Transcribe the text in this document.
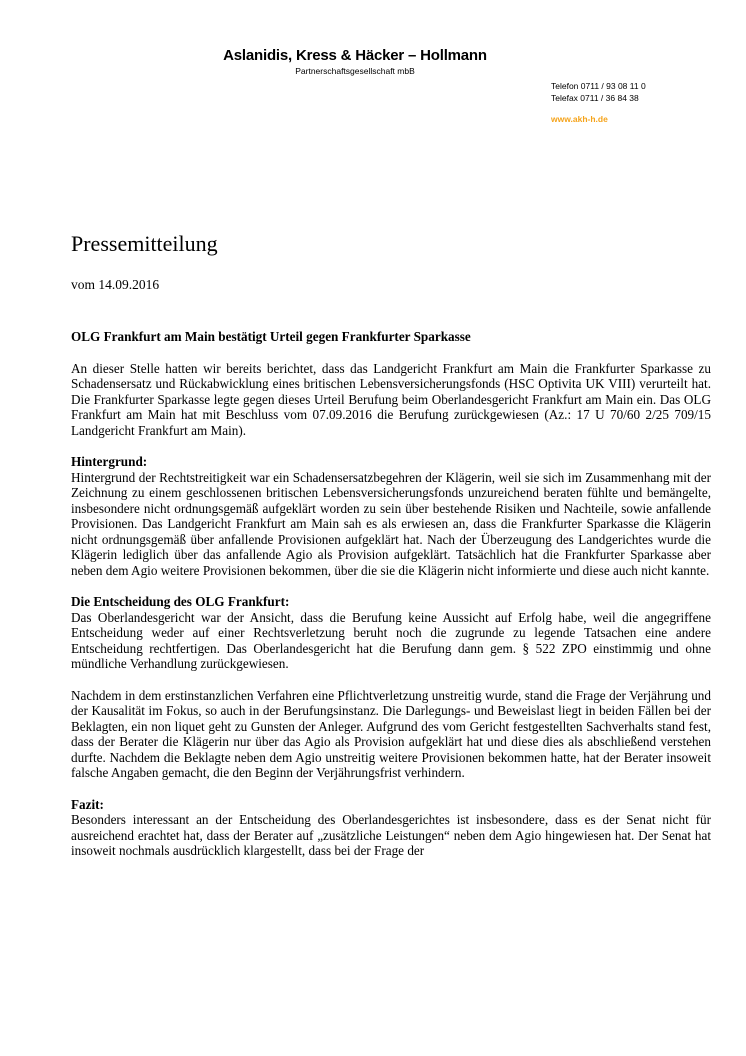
Aslanidis, Kress & Häcker – Hollmann
Partnerschaftsgesellschaft mbB
Telefon 0711 / 93 08 11 0
Telefax 0711 / 36 84 38
www.akh-h.de
Pressemitteilung
vom 14.09.2016

OLG Frankfurt am Main bestätigt Urteil gegen Frankfurter Sparkasse

An dieser Stelle hatten wir bereits berichtet, dass das Landgericht Frankfurt am Main die Frankfurter Sparkasse zu Schadensersatz und Rückabwicklung eines britischen Lebensversicherungsfonds (HSC Optivita UK VIII) verurteilt hat. Die Frankfurter Sparkasse legte gegen dieses Urteil Berufung beim Oberlandesgericht Frankfurt am Main ein. Das OLG Frankfurt am Main hat mit Beschluss vom 07.09.2016 die Berufung zurückgewiesen (Az.: 17 U 70/60 2/25 709/15 Landgericht Frankfurt am Main).

Hintergrund:
Hintergrund der Rechtstreitigkeit war ein Schadensersatzbegehren der Klägerin, weil sie sich im Zusammenhang mit der Zeichnung zu einem geschlossenen britischen Lebensversicherungsfonds unzureichend beraten fühlte und bemängelte, insbesondere nicht ordnungsgemäß aufgeklärt worden zu sein über bestehende Risiken und Nachteile, sowie anfallende Provisionen. Das Landgericht Frankfurt am Main sah es als erwiesen an, dass die Frankfurter Sparkasse die Klägerin nicht ordnungsgemäß über anfallende Provisionen aufgeklärt hat. Nach der Überzeugung des Landgerichtes wurde die Klägerin lediglich über das anfallende Agio als Provision aufgeklärt. Tatsächlich hat die Frankfurter Sparkasse aber neben dem Agio weitere Provisionen bekommen, über die sie die Klägerin nicht informierte und diese auch nicht kannte.

Die Entscheidung des OLG Frankfurt:
Das Oberlandesgericht war der Ansicht, dass die Berufung keine Aussicht auf Erfolg habe, weil die angegriffene Entscheidung weder auf einer Rechtsverletzung beruht noch die zugrunde zu legende Tatsachen eine andere Entscheidung rechtfertigen. Das Oberlandesgericht hat die Berufung dann gem. § 522 ZPO einstimmig und ohne mündliche Verhandlung zurückgewiesen.

Nachdem in dem erstinstanzlichen Verfahren eine Pflichtverletzung unstreitig wurde, stand die Frage der Verjährung und der Kausalität im Fokus, so auch in der Berufungsinstanz. Die Darlegungs- und Beweislast liegt in beiden Fällen bei der Beklagten, ein non liquet geht zu Gunsten der Anleger. Aufgrund des vom Gericht festgestellten Sachverhalts stand fest, dass der Berater die Klägerin nur über das Agio als Provision aufgeklärt hat und diese dies als abschließend verstehen durfte. Nachdem die Beklagte neben dem Agio unstreitig weitere Provisionen bekommen hatte, hat der Berater insoweit falsche Angaben gemacht, die den Beginn der Verjährungsfrist verhindern.

Fazit:
Besonders interessant an der Entscheidung des Oberlandesgerichtes ist insbesondere, dass es der Senat nicht für ausreichend erachtet hat, dass der Berater auf „zusätzliche Leistungen“ neben dem Agio hingewiesen hat. Der Senat hat insoweit nochmals ausdrücklich klargestellt, dass bei der Frage der
